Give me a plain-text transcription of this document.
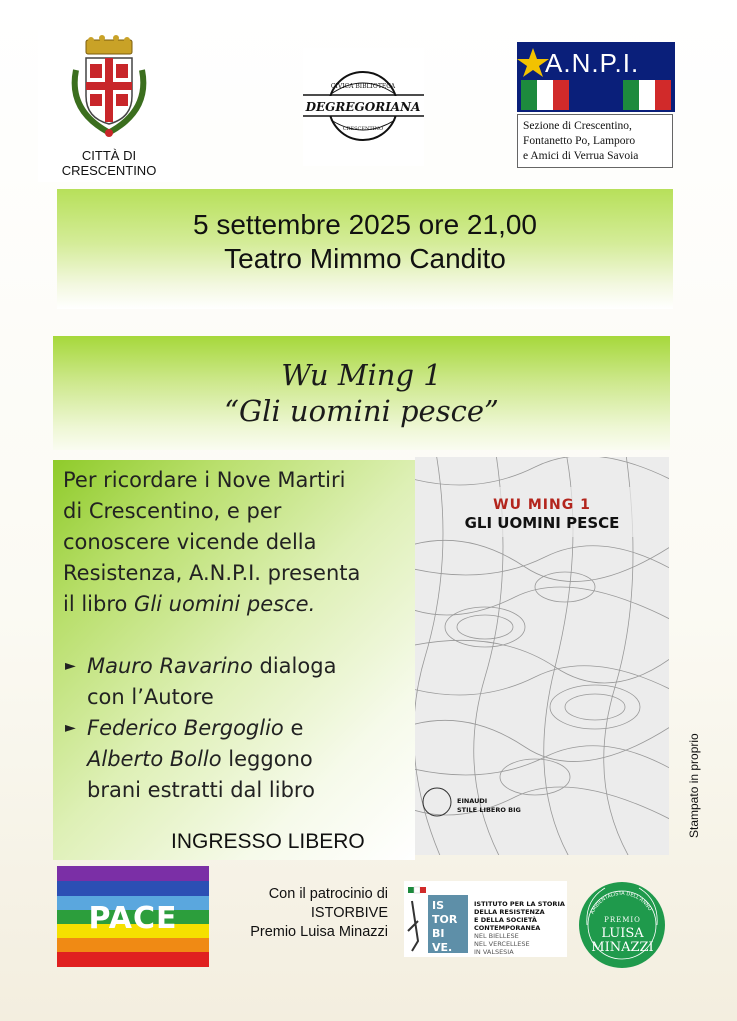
CITTÀ DI
CRESCENTINO
CIVICA BIBLIOTECA
DEGREGORIANA
CRESCENTINO
A.N.P.I.
Sezione di Crescentino,
Fontanetto Po, Lamporo
e Amici di Verrua Savoia
5 settembre 2025 ore 21,00
Teatro Mimmo Candito
Wu Ming 1
“Gli uomini pesce”
Per ricordare i Nove Martiri
di Crescentino, e per
conoscere vicende della
Resistenza, A.N.P.I. presenta
il libro Gli uomini pesce.
► Mauro Ravarino dialoga
con l’Autore
► Federico Bergoglio e
Alberto Bollo leggono
brani estratti dal libro
INGRESSO LIBERO
WU MING 1
GLI UOMINI PESCE
EINAUDI
STILE LIBERO BIG	Stampato in proprio
PACE
Con il patrocinio di
ISTORBIVE
Premio Luisa Minazzi
IS
TOR
BI
VE.
ISTITUTO PER LA STORIA
DELLA RESISTENZA
E DELLA SOCIETÀ
CONTEMPORANEA
NEL BIELLESE
NEL VERCELLESE
IN VALSESIA
AMBIENTALISTA DELL'ANNO
PREMIO
LUISA
MINAZZI
